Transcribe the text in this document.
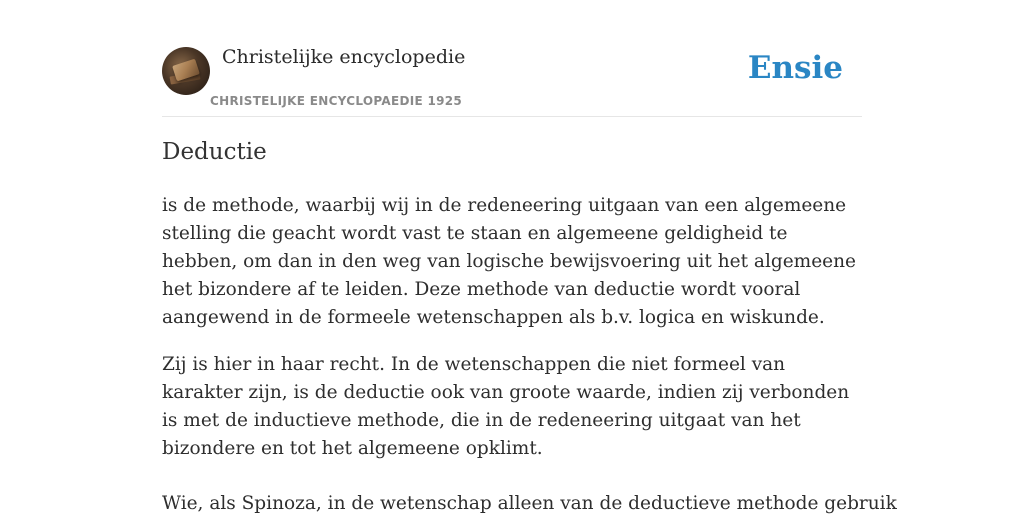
Christelijke encyclopedie
CHRISTELIJKE ENCYCLOPAEDIE 1925
Ensie
Deductie

is de methode, waarbij wij in de redeneering uitgaan van een algemeene stelling die geacht wordt vast te staan en algemeene geldigheid te hebben, om dan in den weg van logische bewijsvoering uit het algemeene het bizondere af te leiden. Deze methode van deductie wordt vooral aangewend in de formeele wetenschappen als b.v. logica en wiskunde.

Zij is hier in haar recht. In de wetenschappen die niet formeel van karakter zijn, is de deductie ook van groote waarde, indien zij verbonden is met de inductieve methode, die in de redeneering uitgaat van het bizondere en tot het algemeene opklimt.

Wie, als Spinoza, in de wetenschap alleen van de deductieve methode gebruik
